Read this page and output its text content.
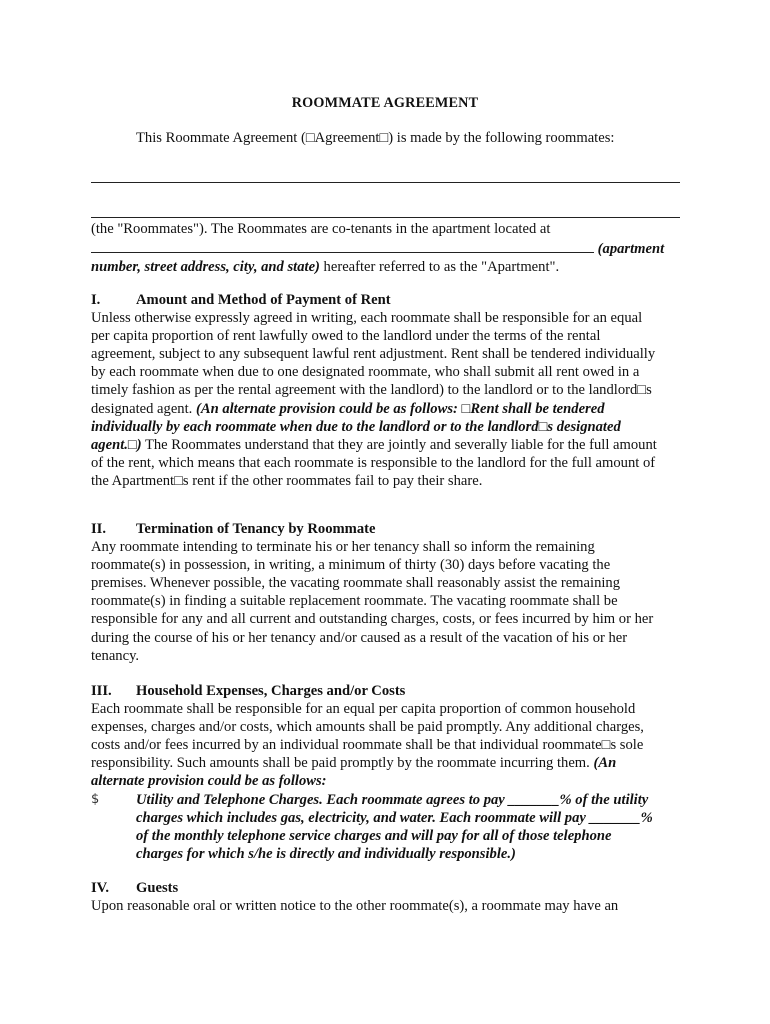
ROOMMATE AGREEMENT
This Roommate Agreement (□Agreement□) is made by the following roommates:
(the "Roommates"). The Roommates are co-tenants in the apartment located at
(apartment
number, street address, city, and state) hereafter referred to as the "Apartment".
I. Amount and Method of Payment of Rent
Unless otherwise expressly agreed in writing, each roommate shall be responsible for an equal
per capita proportion of rent lawfully owed to the landlord under the terms of the rental
agreement, subject to any subsequent lawful rent adjustment. Rent shall be tendered individually
by each roommate when due to one designated roommate, who shall submit all rent owed in a
timely fashion as per the rental agreement with the landlord) to the landlord or to the landlord□s
designated agent. (An alternate provision could be as follows: □Rent shall be tendered
individually by each roommate when due to the landlord or to the landlord□s designated
agent.□) The Roommates understand that they are jointly and severally liable for the full amount
of the rent, which means that each roommate is responsible to the landlord for the full amount of
the Apartment□s rent if the other roommates fail to pay their share.
II. Termination of Tenancy by Roommate
Any roommate intending to terminate his or her tenancy shall so inform the remaining
roommate(s) in possession, in writing, a minimum of thirty (30) days before vacating the
premises. Whenever possible, the vacating roommate shall reasonably assist the remaining
roommate(s) in finding a suitable replacement roommate. The vacating roommate shall be
responsible for any and all current and outstanding charges, costs, or fees incurred by him or her
during the course of his or her tenancy and/or caused as a result of the vacation of his or her
tenancy.
III. Household Expenses, Charges and/or Costs
Each roommate shall be responsible for an equal per capita proportion of common household
expenses, charges and/or costs, which amounts shall be paid promptly. Any additional charges,
costs and/or fees incurred by an individual roommate shall be that individual roommate□s sole
responsibility. Such amounts shall be paid promptly by the roommate incurring them. (An
alternate provision could be as follows:
$	Utility and Telephone Charges. Each roommate agrees to pay _______% of the utility
charges which includes gas, electricity, and water. Each roommate will pay _______%
of the monthly telephone service charges and will pay for all of those telephone
charges for which s/he is directly and individually responsible.)
IV. Guests
Upon reasonable oral or written notice to the other roommate(s), a roommate may have an
